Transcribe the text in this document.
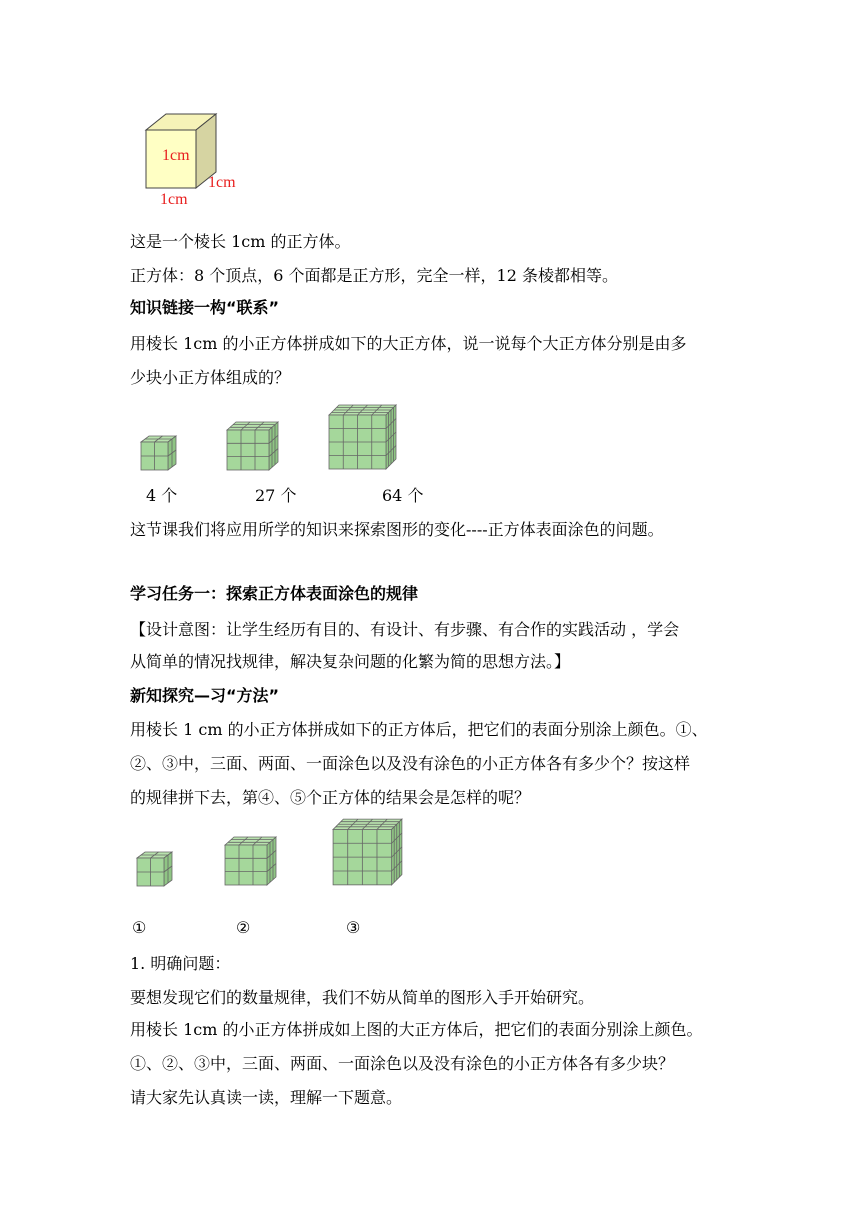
1cm
1cm
1cm
这是一个棱长 1cm 的正方体。
正方体：8 个顶点，6 个面都是正方形，完全一样，12 条棱都相等。
知识链接一构“联系”
用棱长 1cm 的小正方体拼成如下的大正方体，说一说每个大正方体分别是由多
少块小正方体组成的？
4 个	27 个	64 个
这节课我们将应用所学的知识来探索图形的变化----正方体表面涂色的问题。
学习任务一：探索正方体表面涂色的规律
【设计意图：让学生经历有目的、有设计、有步骤、有合作的实践活动 ，学会
从简单的情况找规律，解决复杂问题的化繁为简的思想方法。】
新知探究—习“方法”
用棱长 1 cm 的小正方体拼成如下的正方体后，把它们的表面分别涂上颜色。①、
②、③中，三面、两面、一面涂色以及没有涂色的小正方体各有多少个？按这样
的规律拼下去，第④、⑤个正方体的结果会是怎样的呢？
①	②	③
1. 明确问题：
要想发现它们的数量规律，我们不妨从简单的图形入手开始研究。
用棱长 1cm 的小正方体拼成如上图的大正方体后，把它们的表面分别涂上颜色。
①、②、③中，三面、两面、一面涂色以及没有涂色的小正方体各有多少块？
请大家先认真读一读，理解一下题意。
